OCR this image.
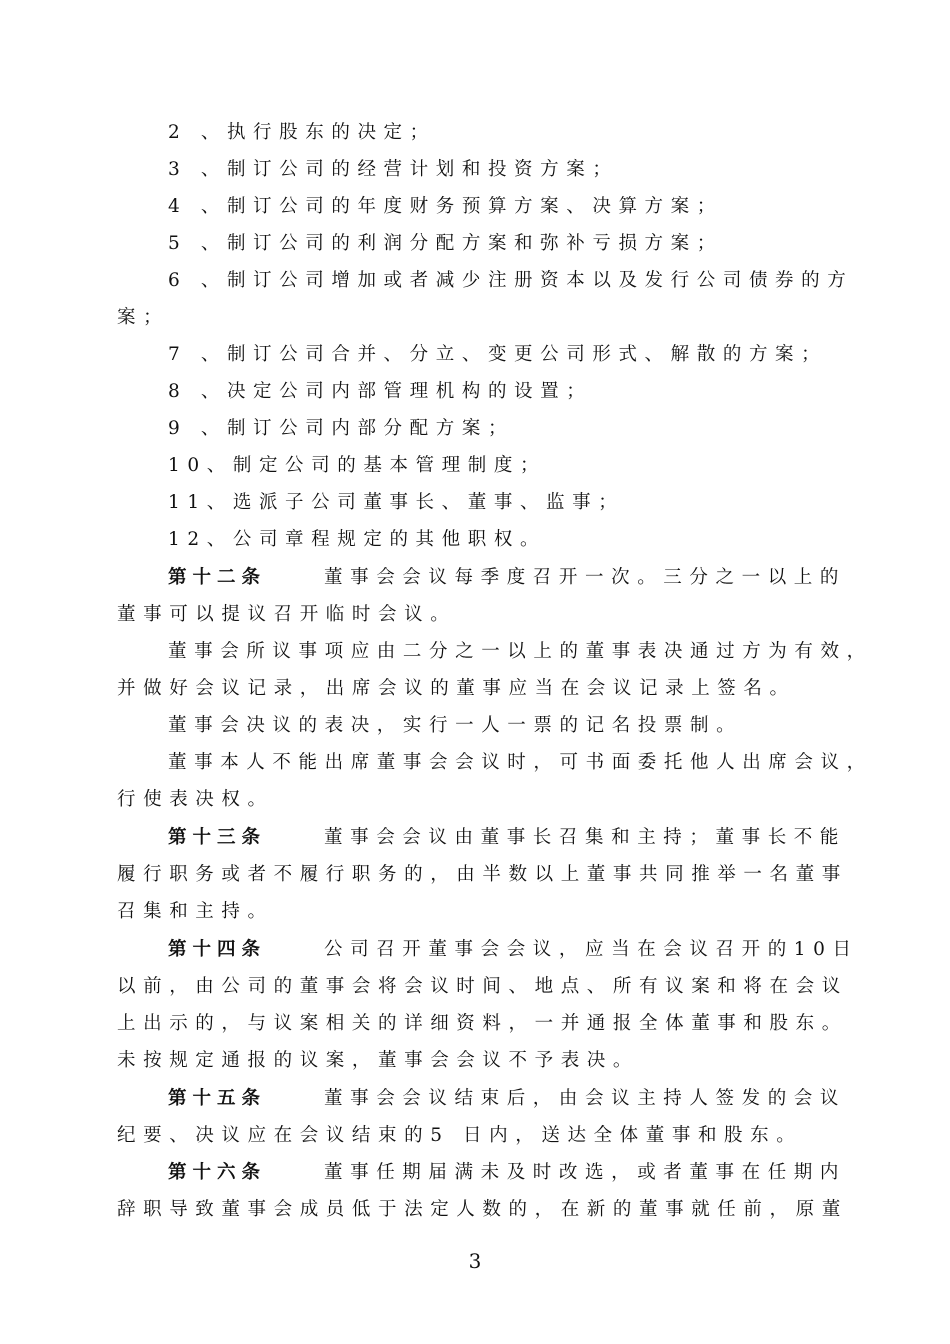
2 、执行股东的决定；
3 、制订公司的经营计划和投资方案；
4 、制订公司的年度财务预算方案、决算方案；
5 、制订公司的利润分配方案和弥补亏损方案；
6 、制订公司增加或者减少注册资本以及发行公司债券的方
案；
7 、制订公司合并、分立、变更公司形式、解散的方案；
8 、决定公司内部管理机构的设置；
9 、制订公司内部分配方案；
10、制定公司的基本管理制度；
11、选派子公司董事长、董事、监事；
12、公司章程规定的其他职权。
第十二条	董事会会议每季度召开一次。三分之一以上的
董事可以提议召开临时会议。
董事会所议事项应由二分之一以上的董事表决通过方为有效，
并做好会议记录，出席会议的董事应当在会议记录上签名。
董事会决议的表决，实行一人一票的记名投票制。
董事本人不能出席董事会会议时，可书面委托他人出席会议，
行使表决权。
第十三条	董事会会议由董事长召集和主持；董事长不能
履行职务或者不履行职务的，由半数以上董事共同推举一名董事
召集和主持。
第十四条	公司召开董事会会议，应当在会议召开的10日
以前，由公司的董事会将会议时间、地点、所有议案和将在会议
上出示的，与议案相关的详细资料，一并通报全体董事和股东。
未按规定通报的议案，董事会会议不予表决。
第十五条	董事会会议结束后，由会议主持人签发的会议
纪要、决议应在会议结束的5 日内，送达全体董事和股东。
第十六条	董事任期届满未及时改选，或者董事在任期内
辞职导致董事会成员低于法定人数的，在新的董事就任前，原董
3
